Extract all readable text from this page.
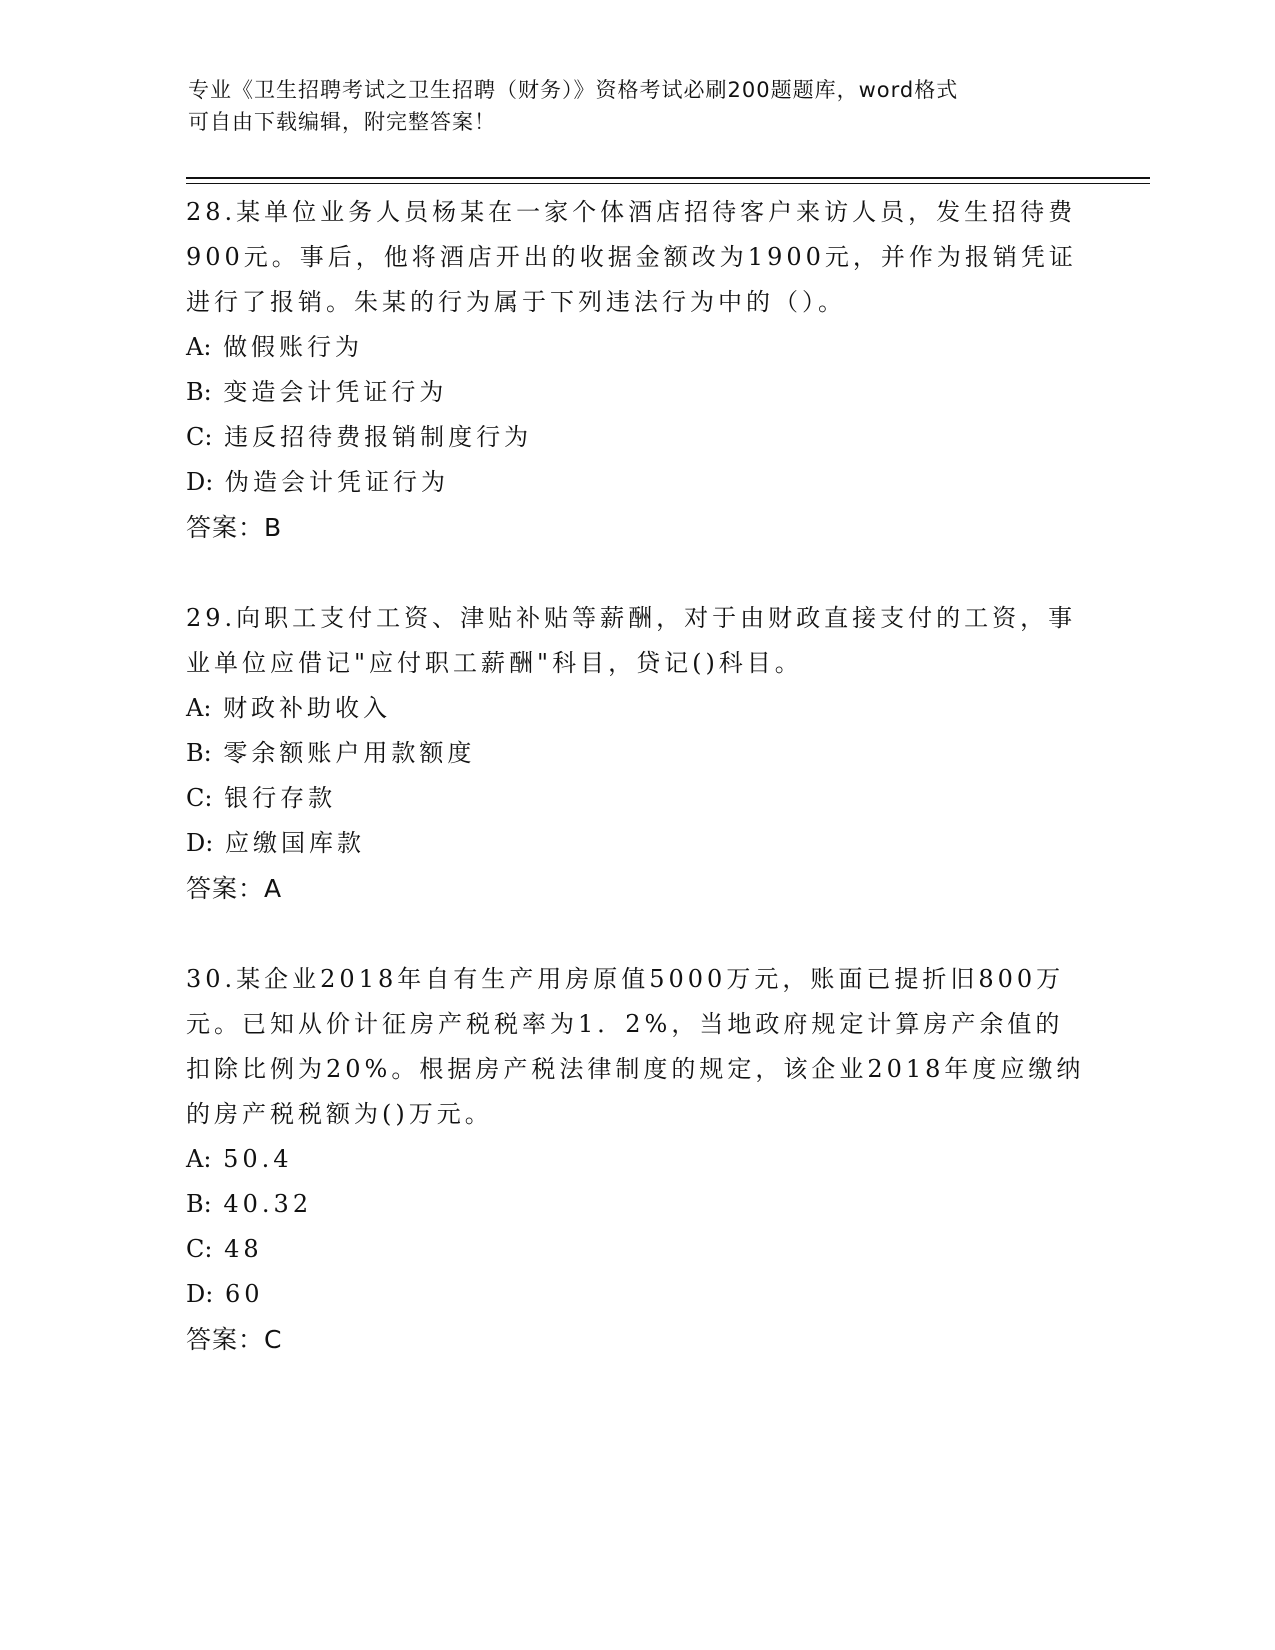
专业《卫生招聘考试之卫生招聘（财务）》资格考试必刷200题题库，word格式
可自由下载编辑，附完整答案！
28.某单位业务人员杨某在一家个体酒店招待客户来访人员，发生招待费900元。事后，他将酒店开出的收据金额改为1900元，并作为报销凭证进行了报销。朱某的行为属于下列违法行为中的（）。
A: 做假账行为
B: 变造会计凭证行为
C: 违反招待费报销制度行为
D: 伪造会计凭证行为
答案：B
29.向职工支付工资、津贴补贴等薪酬，对于由财政直接支付的工资，事业单位应借记"应付职工薪酬"科目，贷记()科目。
A: 财政补助收入
B: 零余额账户用款额度
C: 银行存款
D: 应缴国库款
答案：A
30.某企业2018年自有生产用房原值5000万元，账面已提折旧800万元。已知从价计征房产税税率为1．2%，当地政府规定计算房产余值的扣除比例为20%。根据房产税法律制度的规定，该企业2018年度应缴纳的房产税税额为()万元。
A: 50.4
B: 40.32
C: 48
D: 60
答案：C
